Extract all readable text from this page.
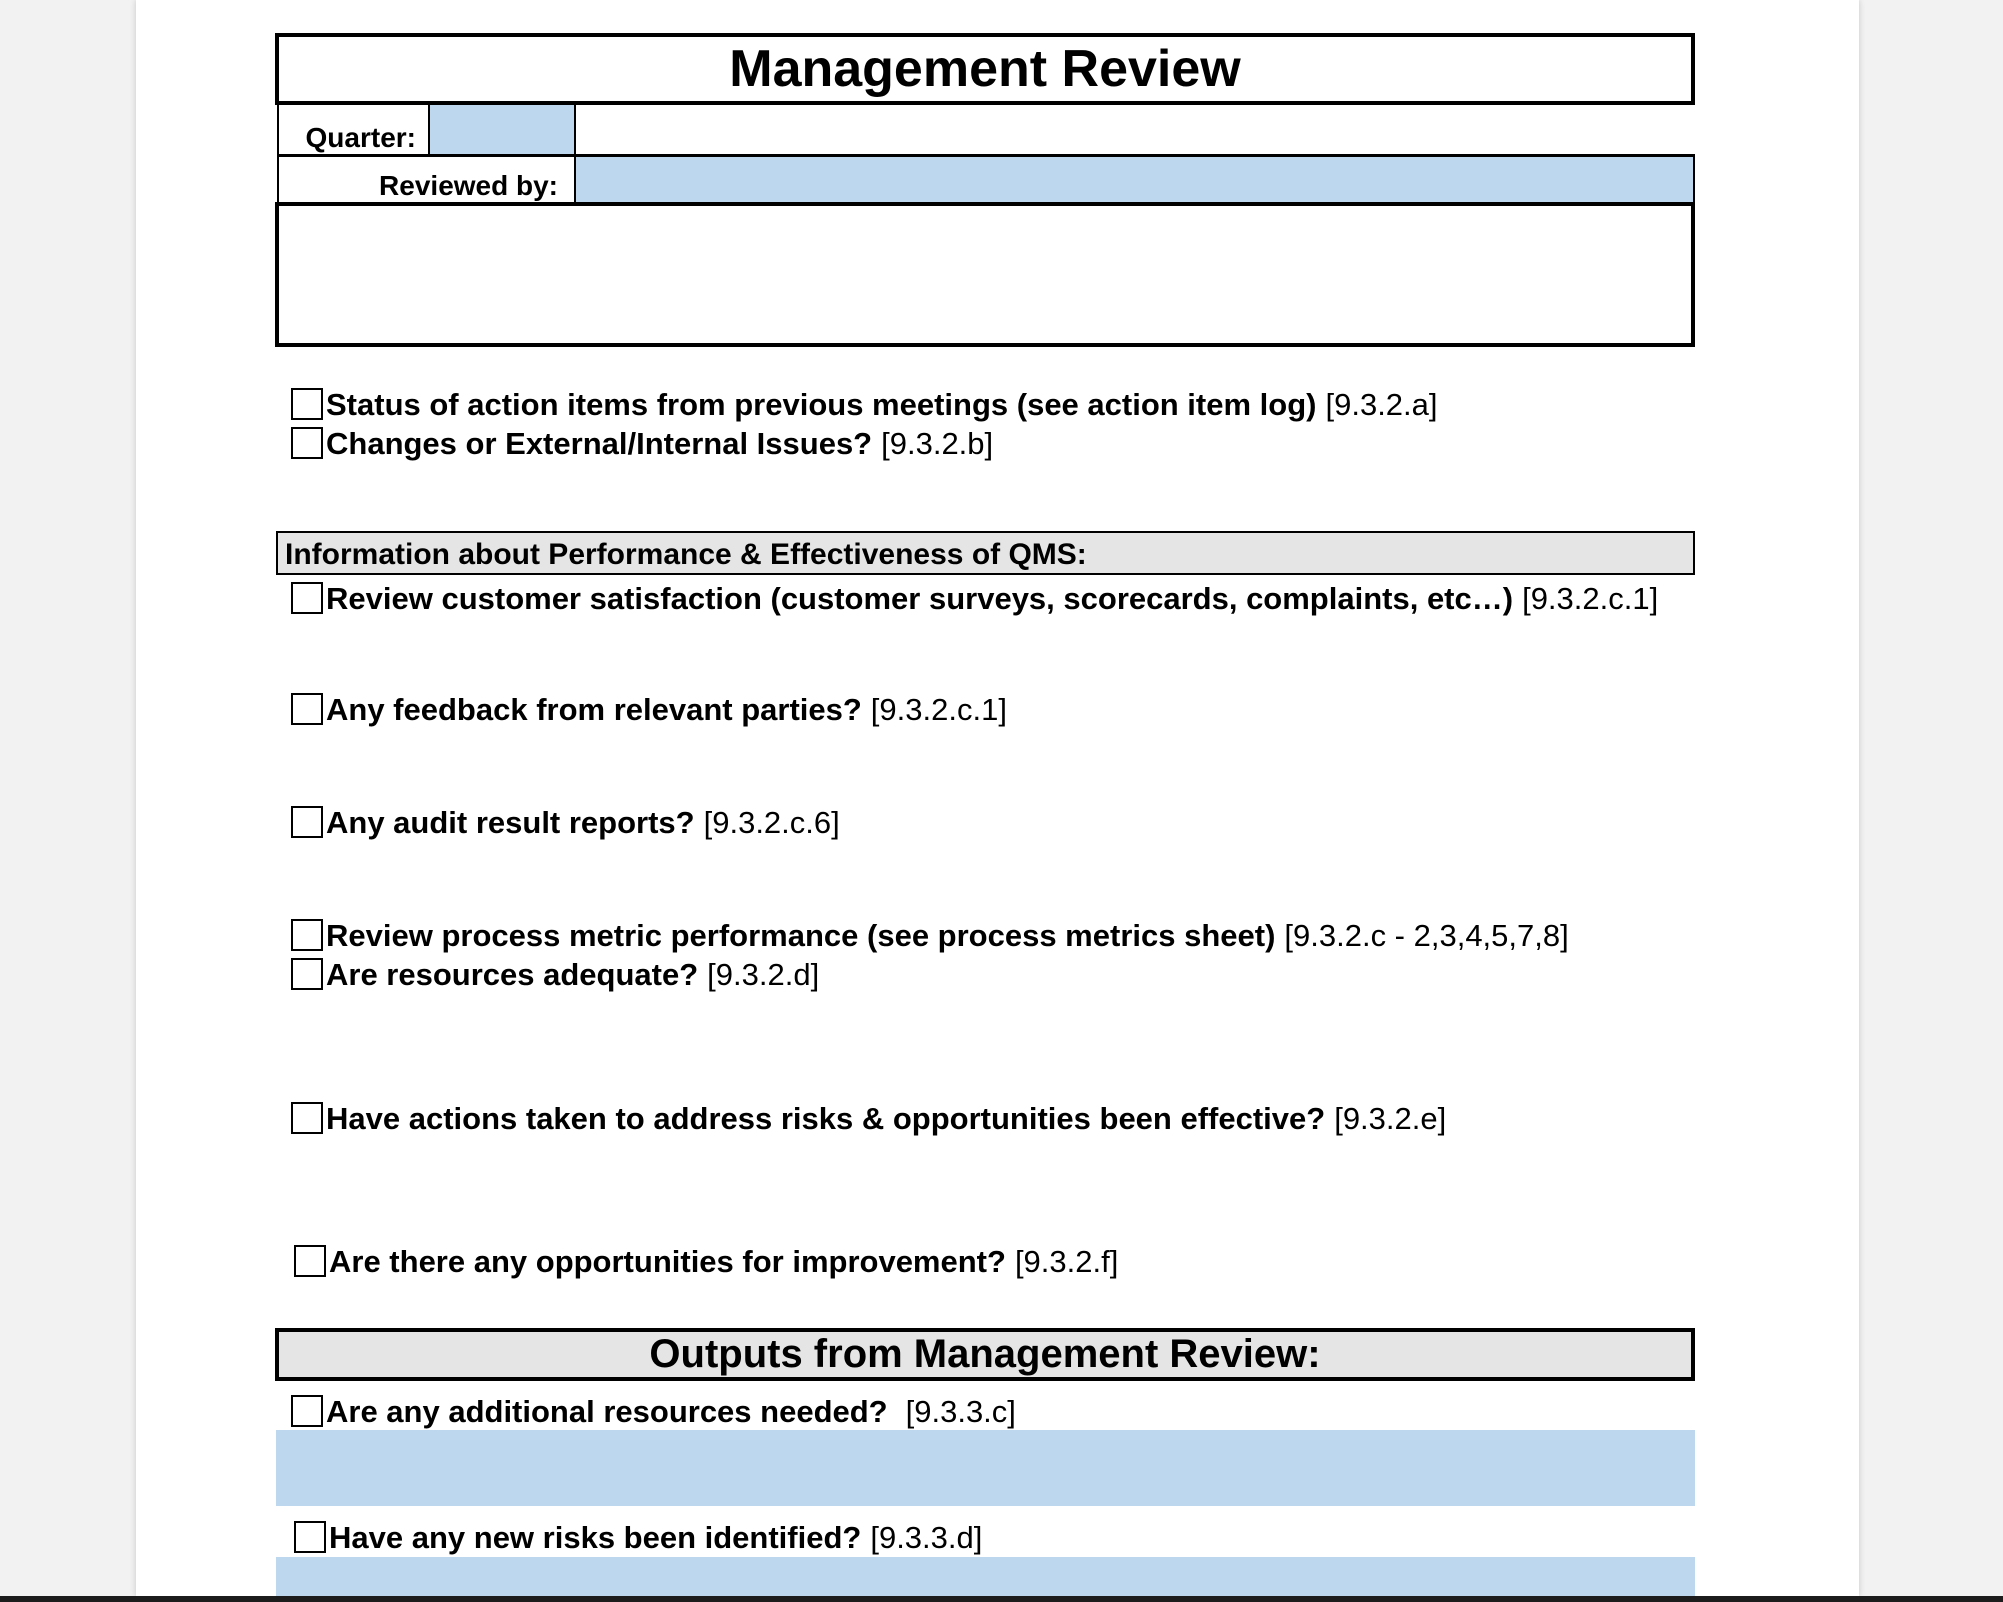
Management Review
Quarter:
Reviewed by:
Status of action items from previous meetings (see action item log) [9.3.2.a]
Changes or External/Internal Issues? [9.3.2.b]
Information about Performance & Effectiveness of QMS:
Review customer satisfaction (customer surveys, scorecards, complaints, etc…) [9.3.2.c.1]
Any feedback from relevant parties? [9.3.2.c.1]
Any audit result reports? [9.3.2.c.6]
Review process metric performance (see process metrics sheet) [9.3.2.c - 2,3,4,5,7,8]
Are resources adequate? [9.3.2.d]
Have actions taken to address risks & opportunities been effective? [9.3.2.e]
Are there any opportunities for improvement? [9.3.2.f]
Outputs from Management Review:
Are any additional resources needed? [9.3.3.c]
Have any new risks been identified? [9.3.3.d]
